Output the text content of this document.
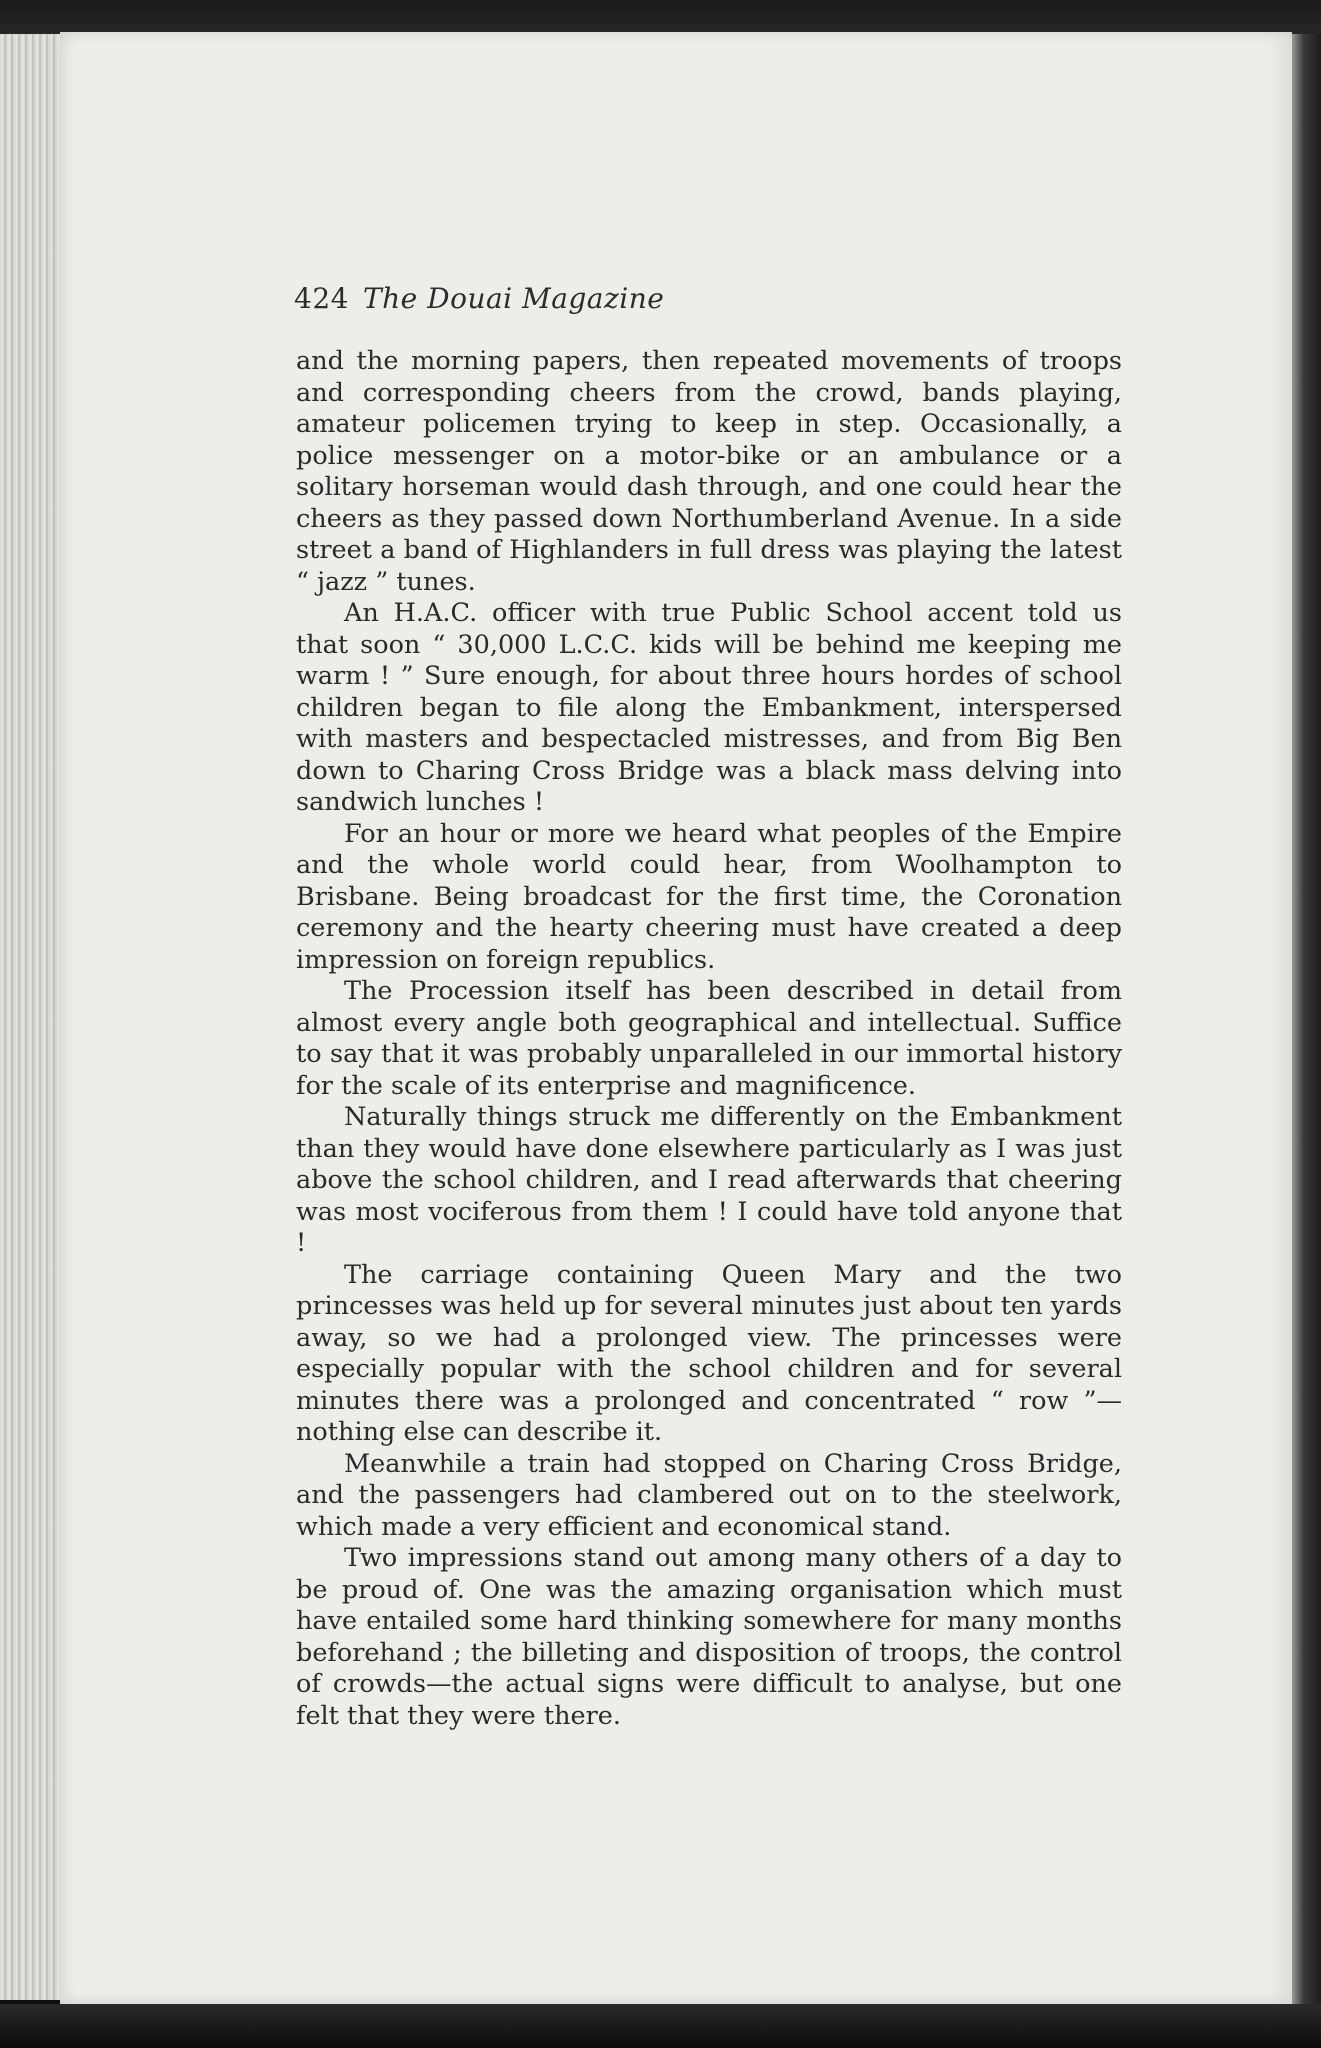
424 The Douai Magazine

and the morning papers, then repeated movements of troops and corresponding cheers from the crowd, bands playing, amateur policemen trying to keep in step. Occasionally, a police messenger on a motor-bike or an ambulance or a solitary horseman would dash through, and one could hear the cheers as they passed down Northumberland Avenue. In a side street a band of Highlanders in full dress was playing the latest “ jazz ” tunes.

An H.A.C. officer with true Public School accent told us that soon “ 30,000 L.C.C. kids will be behind me keeping me warm ! ” Sure enough, for about three hours hordes of school children began to file along the Embankment, interspersed with masters and bespectacled mistresses, and from Big Ben down to Charing Cross Bridge was a black mass delving into sandwich lunches !

For an hour or more we heard what peoples of the Empire and the whole world could hear, from Woolhampton to Brisbane. Being broadcast for the first time, the Coronation ceremony and the hearty cheering must have created a deep impression on foreign republics.

The Procession itself has been described in detail from almost every angle both geographical and intellectual. Suffice to say that it was probably unparalleled in our immortal history for the scale of its enterprise and magnificence.

Naturally things struck me differently on the Embankment than they would have done elsewhere particularly as I was just above the school children, and I read afterwards that cheering was most vociferous from them ! I could have told anyone that !

The carriage containing Queen Mary and the two princesses was held up for several minutes just about ten yards away, so we had a prolonged view. The princesses were especially popular with the school children and for several minutes there was a prolonged and concentrated “ row ”— nothing else can describe it.

Meanwhile a train had stopped on Charing Cross Bridge, and the passengers had clambered out on to the steelwork, which made a very efficient and economical stand.

Two impressions stand out among many others of a day to be proud of. One was the amazing organisation which must have entailed some hard thinking somewhere for many months beforehand ; the billeting and disposition of troops, the control of crowds—the actual signs were difficult to analyse, but one felt that they were there.
